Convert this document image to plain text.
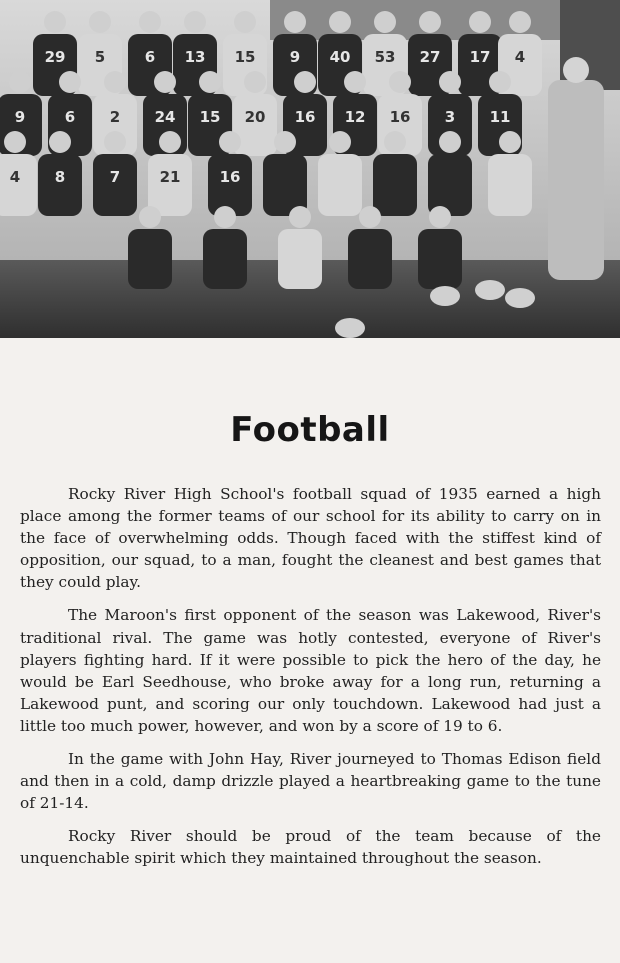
29 5	6 13 15 9 40 53 27 17 4
9	6 2 24 15 20 16 12 16 3 11
4 8	7	21	16
Football

Rocky River High School's football squad of 1935 earned a high place among the former teams of our school for its ability to carry on in the face of overwhelming odds. Though faced with the stiffest kind of opposition, our squad, to a man, fought the cleanest and best games that they could play.

The Maroon's first opponent of the season was Lakewood, River's traditional rival. The game was hotly contested, everyone of River's players fighting hard. If it were possible to pick the hero of the day, he would be Earl Seedhouse, who broke away for a long run, returning a Lakewood punt, and scoring our only touchdown. Lakewood had just a little too much power, however, and won by a score of 19 to 6.

In the game with John Hay, River journeyed to Thomas Edison field and then in a cold, damp drizzle played a heartbreaking game to the tune of 21-14.

Rocky River should be proud of the team because of the unquenchable spirit which they maintained throughout the season.
